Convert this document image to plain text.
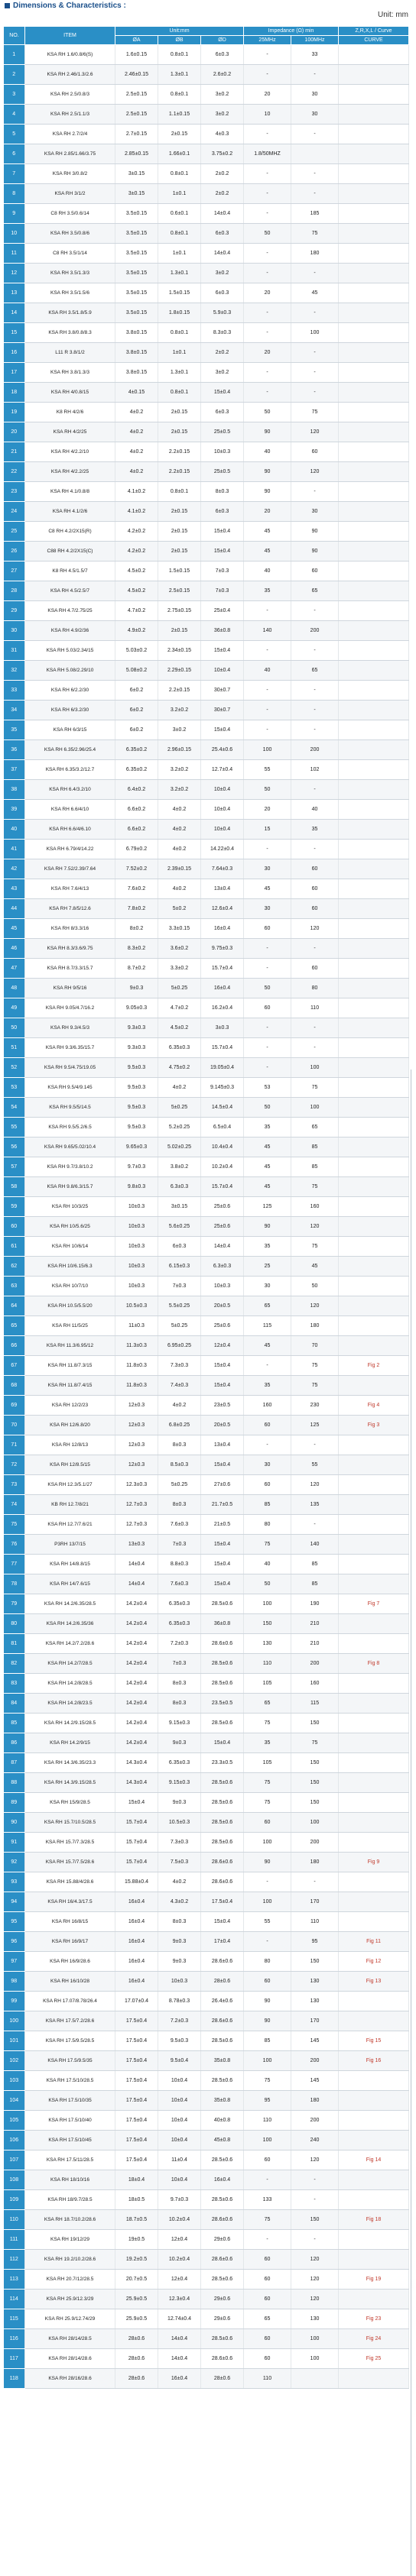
Dimensions & Characteristics :
Unit: mm
NO.	ITEM	Unit:mm			Impedance (Ω) min		Ζ,R,X,L / Curve
		ØA	ØB	ØD	25MHz	100MHz	CURVE
1	KSA RH 1.6/0.8/6(S)	1.6±0.15	0.8±0.1	6±0.3	-	33	
2	KSA RH 2.46/1.3/2.6	2.46±0.15	1.3±0.1	2.6±0.2	-	-	
3	KSA RH 2.5/0.8/3	2.5±0.15	0.8±0.1	3±0.2	20	30	
4	KSA RH 2.5/1.1/3	2.5±0.15	1.1±0.15	3±0.2	10	30	
5	KSA RH 2.7/2/4	2.7±0.15	2±0.15	4±0.3	-	-	
6	KSA RH 2.85/1.66/3.75	2.85±0.15	1.66±0.1	3.75±0.2	1.8/50MHZ		
7	KSA RH 3/0.8/2	3±0.15	0.8±0.1	2±0.2	-	-	
8	KSA RH 3/1/2	3±0.15	1±0.1	2±0.2	-	-	
9	C8 RH 3.5/0.6/14	3.5±0.15	0.6±0.1	14±0.4	-	185	
10	KSA RH 3.5/0.8/6	3.5±0.15	0.8±0.1	6±0.3	50	75	
11	C8 RH 3.5/1/14	3.5±0.15	1±0.1	14±0.4	-	180	
12	KSA RH 3.5/1.3/3	3.5±0.15	1.3±0.1	3±0.2	-	-	
13	KSA RH 3.5/1.5/6	3.5±0.15	1.5±0.15	6±0.3	20	45	
14	KSA RH 3.5/1.8/5.9	3.5±0.15	1.8±0.15	5.9±0.3	-	-	
15	KSA RH 3.8/0.8/8.3	3.8±0.15	0.8±0.1	8.3±0.3	-	100	
16	L11 R 3.8/1/2	3.8±0.15	1±0.1	2±0.2	20	-	
17	KSA RH 3.8/1.3/3	3.8±0.15	1.3±0.1	3±0.2	-	-	
18	KSA RH 4/0.8/15	4±0.15	0.8±0.1	15±0.4	-	-	
19	K8 RH 4/2/6	4±0.2	2±0.15	6±0.3	50	75	
20	KSA RH 4/2/25	4±0.2	2±0.15	25±0.5	90	120	
21	KSA RH 4/2.2/10	4±0.2	2.2±0.15	10±0.3	40	60	
22	KSA RH 4/2.2/25	4±0.2	2.2±0.15	25±0.5	90	120	
23	KSA RH 4.1/0.8/8	4.1±0.2	0.8±0.1	8±0.3	90	-	
24	KSA RH 4.1/2/6	4.1±0.2	2±0.15	6±0.3	20	30	
25	C8 RH 4.2/2X15(R)	4.2±0.2	2±0.15	15±0.4	45	90	
26	C88 RH 4.2/2X15(C)	4.2±0.2	2±0.15	15±0.4	45	90	
27	K8 RH 4.5/1.5/7	4.5±0.2	1.5±0.15	7±0.3	40	60	
28	KSA RH 4.5/2.5/7	4.5±0.2	2.5±0.15	7±0.3	35	65	
29	KSA RH 4.7/2.75/25	4.7±0.2	2.75±0.15	25±0.4	-	-	
30	KSA RH 4.9/2/36	4.9±0.2	2±0.15	36±0.8	140	200	
31	KSA RH 5.03/2.34/15	5.03±0.2	2.34±0.15	15±0.4	-	-	
32	KSA RH 5.08/2.29/10	5.08±0.2	2.29±0.15	10±0.4	40	65	
33	KSA RH 6/2.2/30	6±0.2	2.2±0.15	30±0.7	-	-	
34	KSA RH 6/3.2/30	6±0.2	3.2±0.2	30±0.7	-	-	
35	KSA RH 6/3/15	6±0.2	3±0.2	15±0.4	-	-	
36	KSA RH 6.35/2.96/25.4	6.35±0.2	2.96±0.15	25.4±0.6	100	200	
37	KSA RH 6.35/3.2/12.7	6.35±0.2	3.2±0.2	12.7±0.4	55	102	
38	KSA RH 6.4/3.2/10	6.4±0.2	3.2±0.2	10±0.4	50	-	
39	KSA RH 6.6/4/10	6.6±0.2	4±0.2	10±0.4	20	40	
40	KSA RH 6.6/4/6.10	6.6±0.2	4±0.2	10±0.4	15	35	
41	KSA RH 6.79/4/14.22	6.79±0.2	4±0.2	14.22±0.4	-	-	
42	KSA RH 7.52/2.39/7.64	7.52±0.2	2.39±0.15	7.64±0.3	30	60	
43	KSA RH 7.6/4/13	7.6±0.2	4±0.2	13±0.4	45	60	
44	KSA RH 7.8/5/12.6	7.8±0.2	5±0.2	12.6±0.4	30	60	
45	KSA RH 8/3.3/16	8±0.2	3.3±0.15	16±0.4	60	120	
46	KSA RH 8.3/3.6/9.75	8.3±0.2	3.6±0.2	9.75±0.3	-	-	
47	KSA RH 8.7/3.3/15.7	8.7±0.2	3.3±0.2	15.7±0.4	-	60	
48	KSA RH 9/5/16	9±0.3	5±0.25	16±0.4	50	80	
49	KSA RH 9.05/4.7/16.2	9.05±0.3	4.7±0.2	16.2±0.4	60	110	
50	KSA RH 9.3/4.5/3	9.3±0.3	4.5±0.2	3±0.3	-	-	
51	KSA RH 9.3/6.35/15.7	9.3±0.3	6.35±0.3	15.7±0.4	-	-	
52	KSA RH 9.5/4.75/19.05	9.5±0.3	4.75±0.2	19.05±0.4	-	100	
53	KSA RH 9.5/4/9.145	9.5±0.3	4±0.2	9.145±0.3	53	75	
54	KSA RH 9.5/5/14.5	9.5±0.3	5±0.25	14.5±0.4	50	100	
55	KSA RH 9.5/5.2/6.5	9.5±0.3	5.2±0.25	6.5±0.4	35	65	
56	KSA RH 9.65/5.02/10.4	9.65±0.3	5.02±0.25	10.4±0.4	45	85	
57	KSA RH 9.7/3.8/10.2	9.7±0.3	3.8±0.2	10.2±0.4	45	85	
58	KSA RH 9.8/6.3/15.7	9.8±0.3	6.3±0.3	15.7±0.4	45	75	
59	KSA RH 10/3/25	10±0.3	3±0.15	25±0.6	125	160	
60	KSA RH 10/5.6/25	10±0.3	5.6±0.25	25±0.6	90	120	
61	KSA RH 10/6/14	10±0.3	6±0.3	14±0.4	35	75	
62	KSA RH 10/6.15/6.3	10±0.3	6.15±0.3	6.3±0.3	25	45	
63	KSA RH 10/7/10	10±0.3	7±0.3	10±0.3	30	50	
64	KSA RH 10.5/5.5/20	10.5±0.3	5.5±0.25	20±0.5	65	120	
65	KSA RH 11/5/25	11±0.3	5±0.25	25±0.6	115	180	
66	KSA RH 11.3/6.95/12	11.3±0.3	6.95±0.25	12±0.4	45	70	
67	KSA RH 11.8/7.3/15	11.8±0.3	7.3±0.3	15±0.4	-	75	Fig 2
68	KSA RH 11.8/7.4/15	11.8±0.3	7.4±0.3	15±0.4	35	75	
69	KSA RH 12/2/23	12±0.3	4±0.2	23±0.5	160	230	Fig 4
70	KSA RH 12/6.8/20	12±0.3	6.8±0.25	20±0.5	60	125	Fig 3
71	KSA RH 12/8/13	12±0.3	8±0.3	13±0.4	-	-	
72	KSA RH 12/8.5/15	12±0.3	8.5±0.3	15±0.4	30	55	
73	KSA RH 12.3/5.1/27	12.3±0.3	5±0.25	27±0.6	60	120	
74	KB RH 12.7/8/21	12.7±0.3	8±0.3	21.7±0.5	85	135	
75	KSA RH 12.7/7.6/21	12.7±0.3	7.6±0.3	21±0.5	80	-	
76	P3RH 13/7/15	13±0.3	7±0.3	15±0.4	75	140	
77	KSA RH 14/8.8/15	14±0.4	8.8±0.3	15±0.4	40	85	
78	KSA RH 14/7.6/15	14±0.4	7.6±0.3	15±0.4	50	85	
79	KSA RH 14.2/6.35/28.5	14.2±0.4	6.35±0.3	28.5±0.6	100	190	Fig 7
80	KSA RH 14.2/6.35/36	14.2±0.4	6.35±0.3	36±0.8	150	210	
81	KSA RH 14.2/7.2/28.6	14.2±0.4	7.2±0.3	28.6±0.6	130	210	
82	KSA RH 14.2/7/28.5	14.2±0.4	7±0.3	28.5±0.6	110	200	Fig 8
83	KSA RH 14.2/8/28.5	14.2±0.4	8±0.3	28.5±0.6	105	160	
84	KSA RH 14.2/8/23.5	14.2±0.4	8±0.3	23.5±0.5	65	115	
85	KSA RH 14.2/9.15/28.5	14.2±0.4	9.15±0.3	28.5±0.6	75	150	
86	KSA RH 14.2/9/15	14.2±0.4	9±0.3	15±0.4	35	75	
87	KSA RH 14.3/6.35/23.3	14.3±0.4	6.35±0.3	23.3±0.5	105	150	
88	KSA RH 14.3/9.15/28.5	14.3±0.4	9.15±0.3	28.5±0.6	75	150	
89	KSA RH 15/9/28.5	15±0.4	9±0.3	28.5±0.6	75	150	
90	KSA RH 15.7/10.5/28.5	15.7±0.4	10.5±0.3	28.5±0.6	60	100	
91	KSA RH 15.7/7.3/28.5	15.7±0.4	7.3±0.3	28.5±0.6	100	200	
92	KSA RH 15.7/7.5/28.6	15.7±0.4	7.5±0.3	28.6±0.6	90	180	Fig 9
93	KSA RH 15.88/4/28.6	15.88±0.4	4±0.2	28.6±0.6	-	-	
94	KSA RH 16/4.3/17.5	16±0.4	4.3±0.2	17.5±0.4	100	170	
95	KSA RH 16/8/15	16±0.4	8±0.3	15±0.4	55	110	
96	KSA RH 16/9/17	16±0.4	9±0.3	17±0.4	-	95	Fig 11
97	KSA RH 16/9/28.6	16±0.4	9±0.3	28.6±0.6	80	150	Fig 12
98	KSA RH 16/10/28	16±0.4	10±0.3	28±0.6	60	130	Fig 13
99	KSA RH 17.07/8.78/26.4	17.07±0.4	8.78±0.3	26.4±0.6	90	130	
100	KSA RH 17.5/7.2/28.6	17.5±0.4	7.2±0.3	28.6±0.6	90	170	
101	KSA RH 17.5/9.5/28.5	17.5±0.4	9.5±0.3	28.5±0.6	85	145	Fig 15
102	KSA RH 17.5/9.5/35	17.5±0.4	9.5±0.4	35±0.8	100	200	Fig 16
103	KSA RH 17.5/10/28.5	17.5±0.4	10±0.4	28.5±0.6	75	145	
104	KSA RH 17.5/10/35	17.5±0.4	10±0.4	35±0.8	95	180	
105	KSA RH 17.5/10/40	17.5±0.4	10±0.4	40±0.8	110	200	
106	KSA RH 17.5/10/45	17.5±0.4	10±0.4	45±0.8	100	240	
107	KSA RH 17.5/11/28.5	17.5±0.4	11±0.4	28.5±0.6	60	120	Fig 14
108	KSA RH 18/10/16	18±0.4	10±0.4	16±0.4	-	-	
109	KSA RH 18/9.7/28.5	18±0.5	9.7±0.3	28.5±0.6	133	-	
110	KSA RH 18.7/10.2/28.6	18.7±0.5	10.2±0.4	28.6±0.6	75	150	Fig 18
111	KSA RH 19/12/29	19±0.5	12±0.4	29±0.6	-	-	
112	KSA RH 19.2/10.2/28.6	19.2±0.5	10.2±0.4	28.6±0.6	60	120	
113	KSA RH 20.7/12/28.5	20.7±0.5	12±0.4	28.5±0.6	60	120	Fig 19
114	KSA RH 25.9/12.3/29	25.9±0.5	12.3±0.4	29±0.6	60	120	
115	KSA RH 25.9/12.74/29	25.9±0.5	12.74±0.4	29±0.6	65	130	Fig 23
116	KSA RH 28/14/28.5	28±0.6	14±0.4	28.5±0.6	60	100	Fig 24
117	KSA RH 28/14/28.6	28±0.6	14±0.4	28.6±0.6	60	100	Fig 25
118	KSA RH 28/16/28.6	28±0.6	16±0.4	28±0.6	110		
